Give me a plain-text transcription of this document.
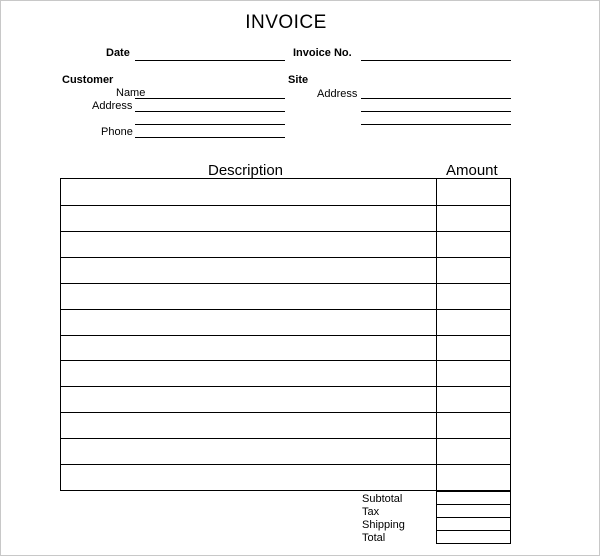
INVOICE
Date	Invoice No.
Customer
Name
Address
Phone
Site
Address
Description	Amount
Subtotal
Tax
Shipping
Total
